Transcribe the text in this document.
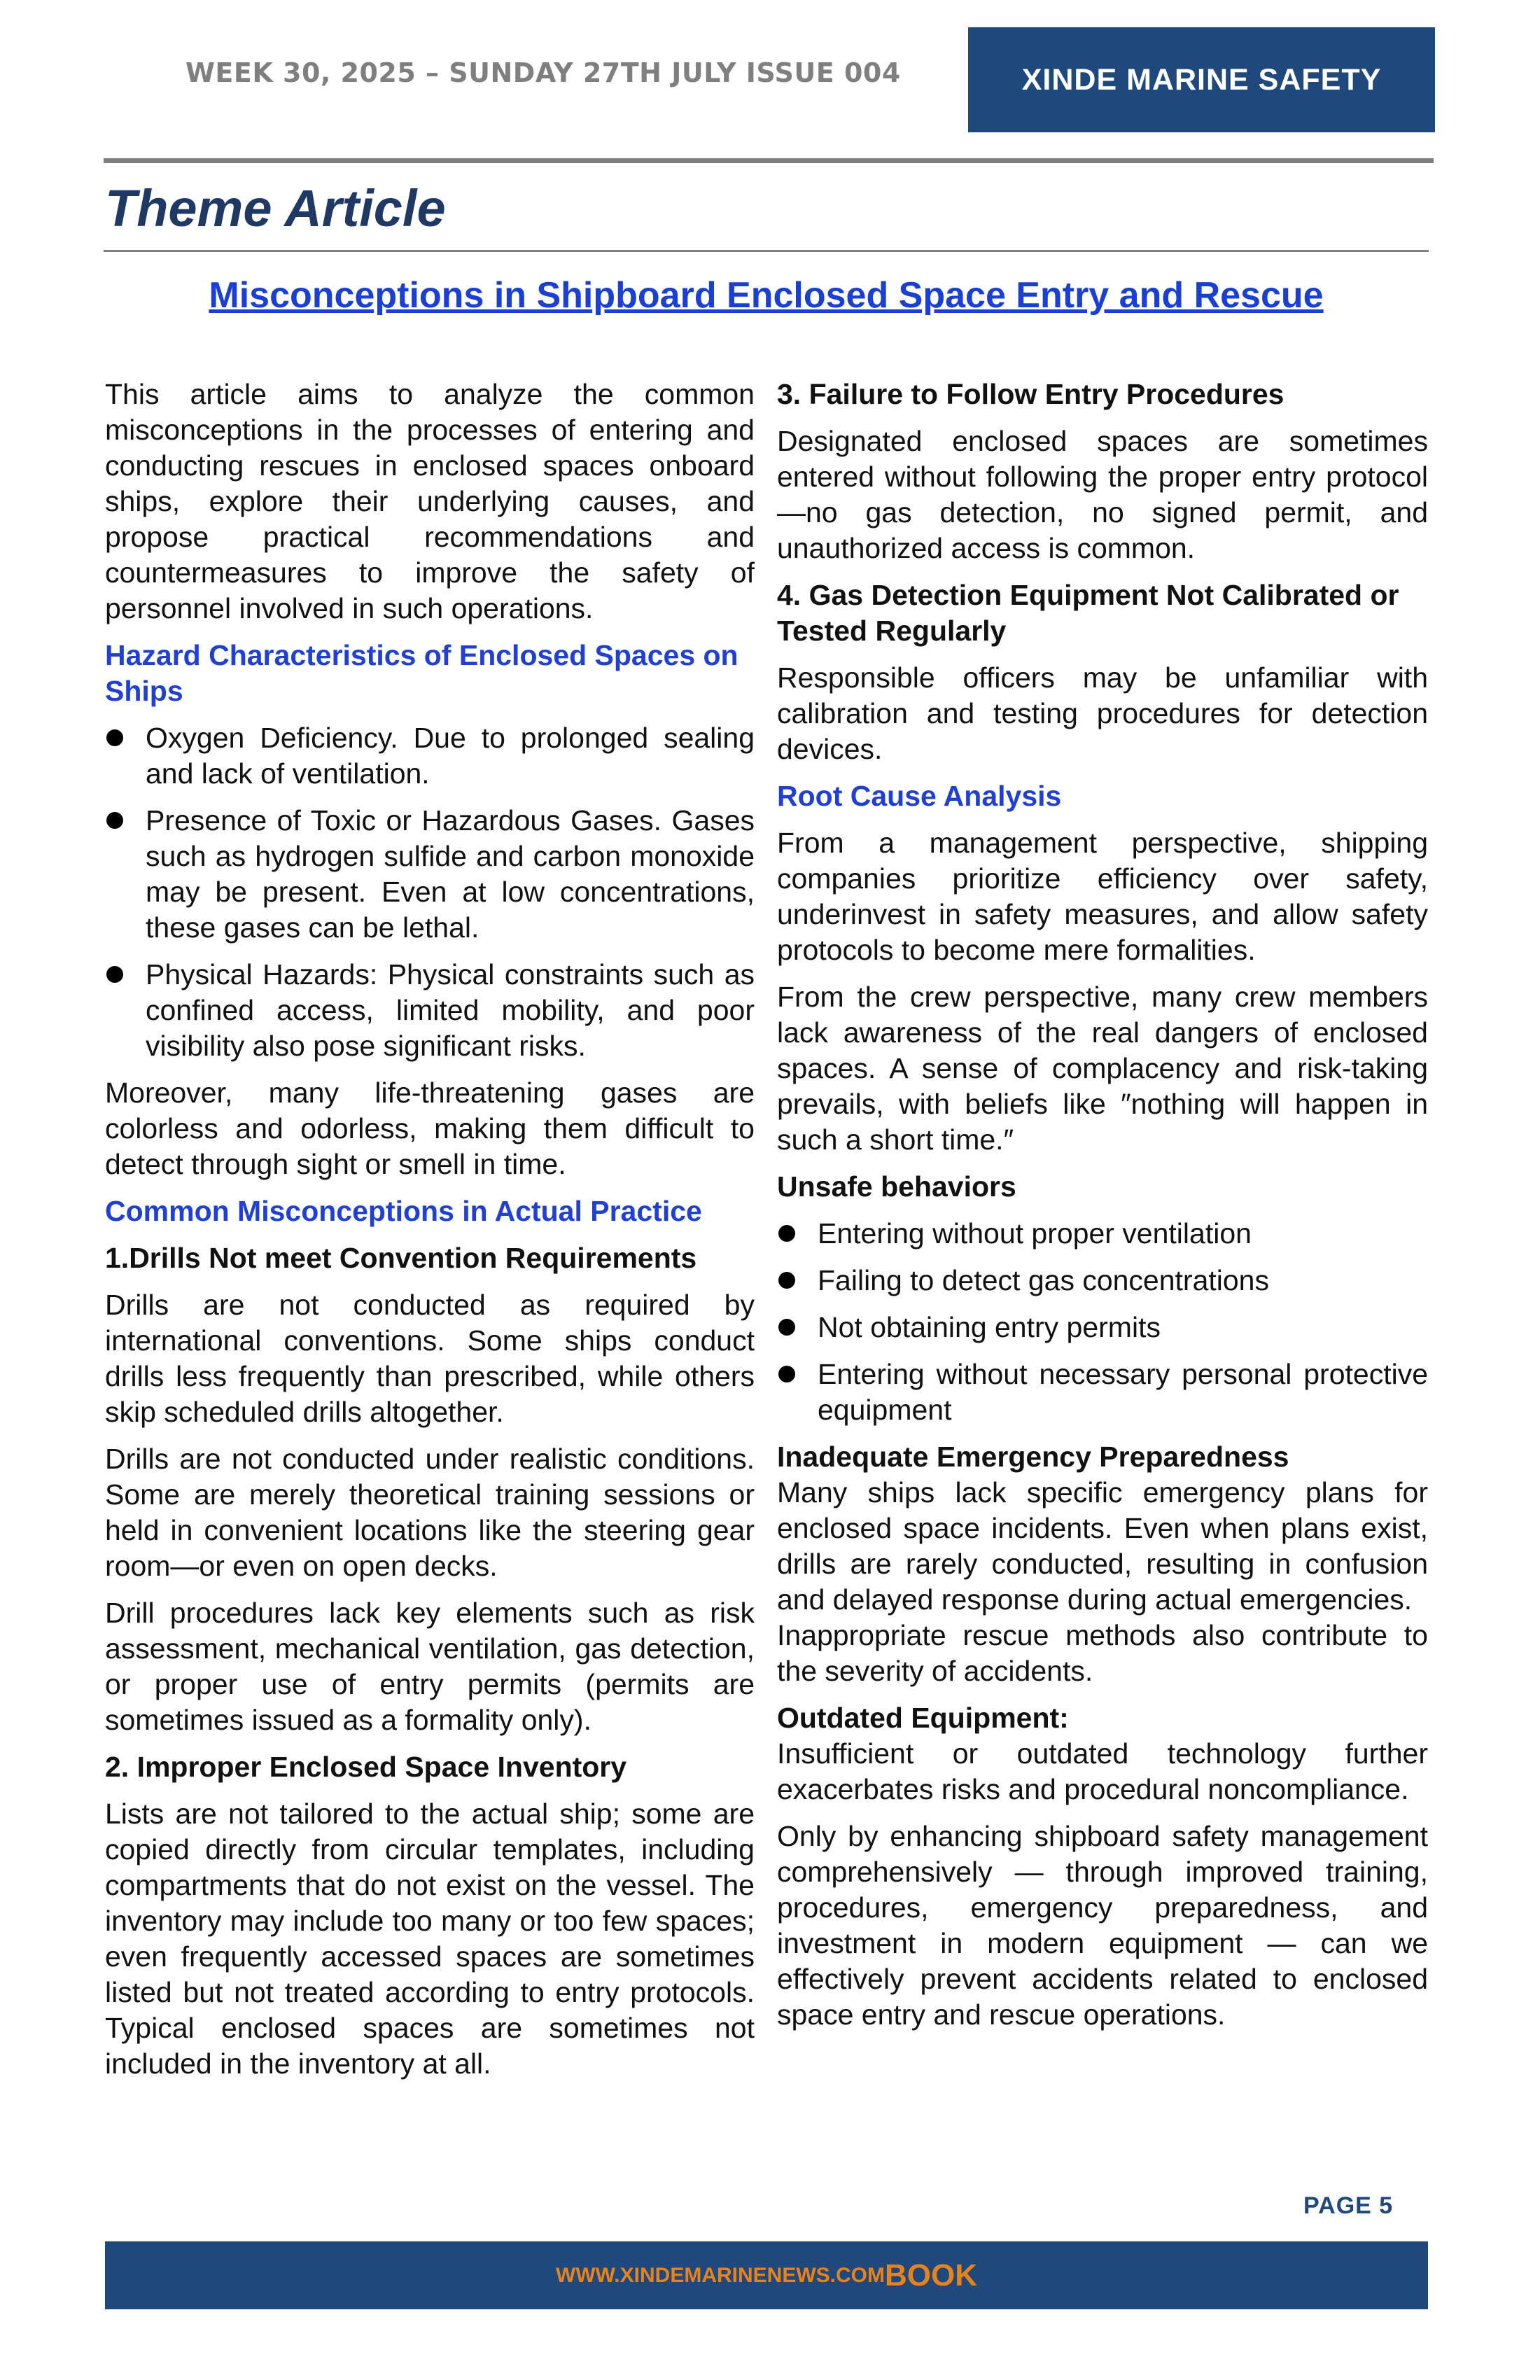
WEEK 30, 2025 – SUNDAY 27TH JULY ISSUE 004	XINDE MARINE SAFETY
Theme Article
Misconceptions in Shipboard Enclosed Space Entry and Rescue
This article aims to analyze the common misconceptions in the processes of entering and conducting rescues in enclosed spaces onboard ships, explore their underlying causes, and propose practical recommendations and countermeasures to improve the safety of personnel involved in such operations.
Hazard Characteristics of Enclosed Spaces on Ships
Oxygen Deficiency. Due to prolonged sealing and lack of ventilation.
Presence of Toxic or Hazardous Gases. Gases such as hydrogen sulfide and carbon monoxide may be present. Even at low concentrations, these gases can be lethal.
Physical Hazards: Physical constraints such as confined access, limited mobility, and poor visibility also pose significant risks.
Moreover, many life-threatening gases are colorless and odorless, making them difficult to detect through sight or smell in time.
Common Misconceptions in Actual Practice
1.Drills Not meet Convention Requirements
Drills are not conducted as required by international conventions. Some ships conduct drills less frequently than prescribed, while others skip scheduled drills altogether.
Drills are not conducted under realistic conditions. Some are merely theoretical training sessions or held in convenient locations like the steering gear room—or even on open decks.
Drill procedures lack key elements such as risk assessment, mechanical ventilation, gas detection, or proper use of entry permits (permits are sometimes issued as a formality only).
2. Improper Enclosed Space Inventory
Lists are not tailored to the actual ship; some are copied directly from circular templates, including compartments that do not exist on the vessel. The inventory may include too many or too few spaces; even frequently accessed spaces are sometimes listed but not treated according to entry protocols. Typical enclosed spaces are sometimes not included in the inventory at all.
3. Failure to Follow Entry Procedures
Designated enclosed spaces are sometimes entered without following the proper entry protocol—no gas detection, no signed permit, and unauthorized access is common.
4. Gas Detection Equipment Not Calibrated or Tested Regularly
Responsible officers may be unfamiliar with calibration and testing procedures for detection devices.
Root Cause Analysis
From a management perspective, shipping companies prioritize efficiency over safety, underinvest in safety measures, and allow safety protocols to become mere formalities.
From the crew perspective, many crew members lack awareness of the real dangers of enclosed spaces. A sense of complacency and risk-taking prevails, with beliefs like ″nothing will happen in such a short time.″
Unsafe behaviors
Entering without proper ventilation
Failing to detect gas concentrations
Not obtaining entry permits
Entering without necessary personal protective equipment
Inadequate Emergency Preparedness
Many ships lack specific emergency plans for enclosed space incidents. Even when plans exist, drills are rarely conducted, resulting in confusion and delayed response during actual emergencies.
Inappropriate rescue methods also contribute to the severity of accidents.
Outdated Equipment:
Insufficient or outdated technology further exacerbates risks and procedural noncompliance.
Only by enhancing shipboard safety management comprehensively — through improved training, procedures, emergency preparedness, and investment in modern equipment — can we effectively prevent accidents related to enclosed space entry and rescue operations.
PAGE 5
WWW.XINDEMARINENEWS.COM BOOK
